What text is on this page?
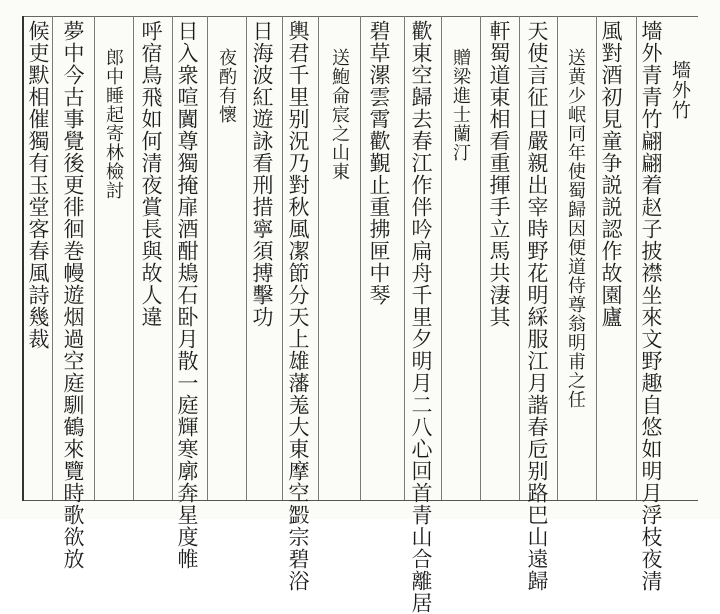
墻外竹
墻外青青竹翩翩着赵子披襟坐來文野趣自悠如明月浮枝夜清
風對酒初見童争説説認作故園廬
送黄少岷同年使蜀歸因便道侍尊翁明甫之任
天使言征日嚴親出宰時野花明綵服江月諧春卮别路巴山遠歸
軒蜀道東相看重揮手立馬共淒其
贈梁進士蘭汀
歡東空歸去春江作伴吟扁舟千里夕明月二八心回首青山合離居
碧草漯雲霄歡覲止重拂匣中琴
送鮑侖宸之山東
輿君千里别況乃對秋風㓗節分天上雄藩羗大東摩空𣪰宗碧浴
日海波紅遊詠看刑措寧須搏擊功
夜酌有懷
日入衆喧闐尊獨掩扉酒酣鳺石卧月散一庭輝寒廓奔星度帷
呼宿鳥飛如何清夜賞長與故人違
郎中睡起寄林檢討
夢中今古事覺後更徘徊巻幔遊烟過空庭馴鶴來覽時歌欲放
候吏默相催獨有玉堂客春風詩幾裁
